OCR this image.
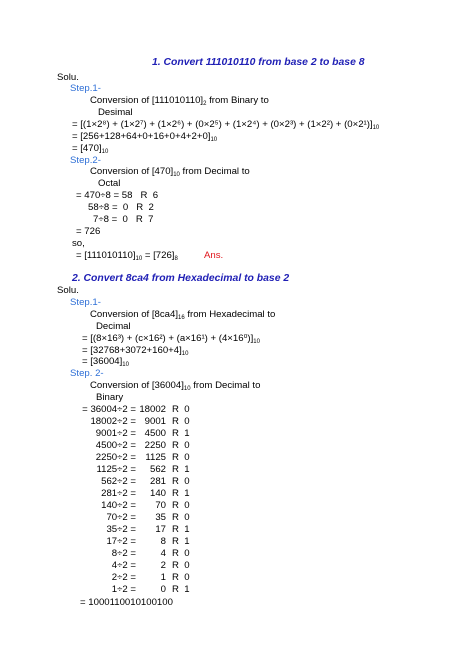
1. Convert 111010110 from base 2 to base 8
Solu.
Step.1-
Conversion of $[111010110]_2$ from Binary to
Desimal
= $[(1\times 2^8) + (1\times 2^7) + (1\times 2^6) + (0\times 2^5) + (1\times 2^4) + (0\times 2^3) + (1\times 2^2) + (0\times 2^1)]_{10}$
= $[256+128+64+0+16+0+4+2+0]_{10}$
= $[470]_{10}$
Step.2-
Conversion of $[470]_{10}$ from Decimal to
Octal
= 470÷8 = 58   R  6
58÷8 =  0   R  2
7÷8 =  0   R  7
= 726
so,
= $[111010110]_{10} = [726]_8$	Ans.
2. Convert 8ca4 from Hexadecimal to base 2
Solu.
Step.1-
Conversion of $[8ca4]_{16}$ from Hexadecimal to
Decimal
= $[(8\times 16^3) + (c\times 16^2) + (a\times 16^1) + (4\times 16^0)]_{10}$
= $[32768+3072+160+4]_{10}$
= $[36004]_{10}$
Step. 2-
Conversion of $[36004]_{10}$ from Decimal to
Binary
= 36004÷2 = 18002 R  0
18002÷2 = 9001 R  0
9001÷2 = 4500 R  1
4500÷2 = 2250 R  0
2250÷2 = 1125 R  0
1125÷2 = 562 R  1
562÷2 = 281 R  0
281÷2 = 140 R  1
140÷2 = 70 R  0
70÷2 = 35 R  0
35÷2 = 17 R  1
17÷2 =	8 R  1
8÷2 =	4 R  0
4÷2 =	2 R  0
2÷2 =	1 R  0
1÷2 =	0 R  1
= 1000110010100100
